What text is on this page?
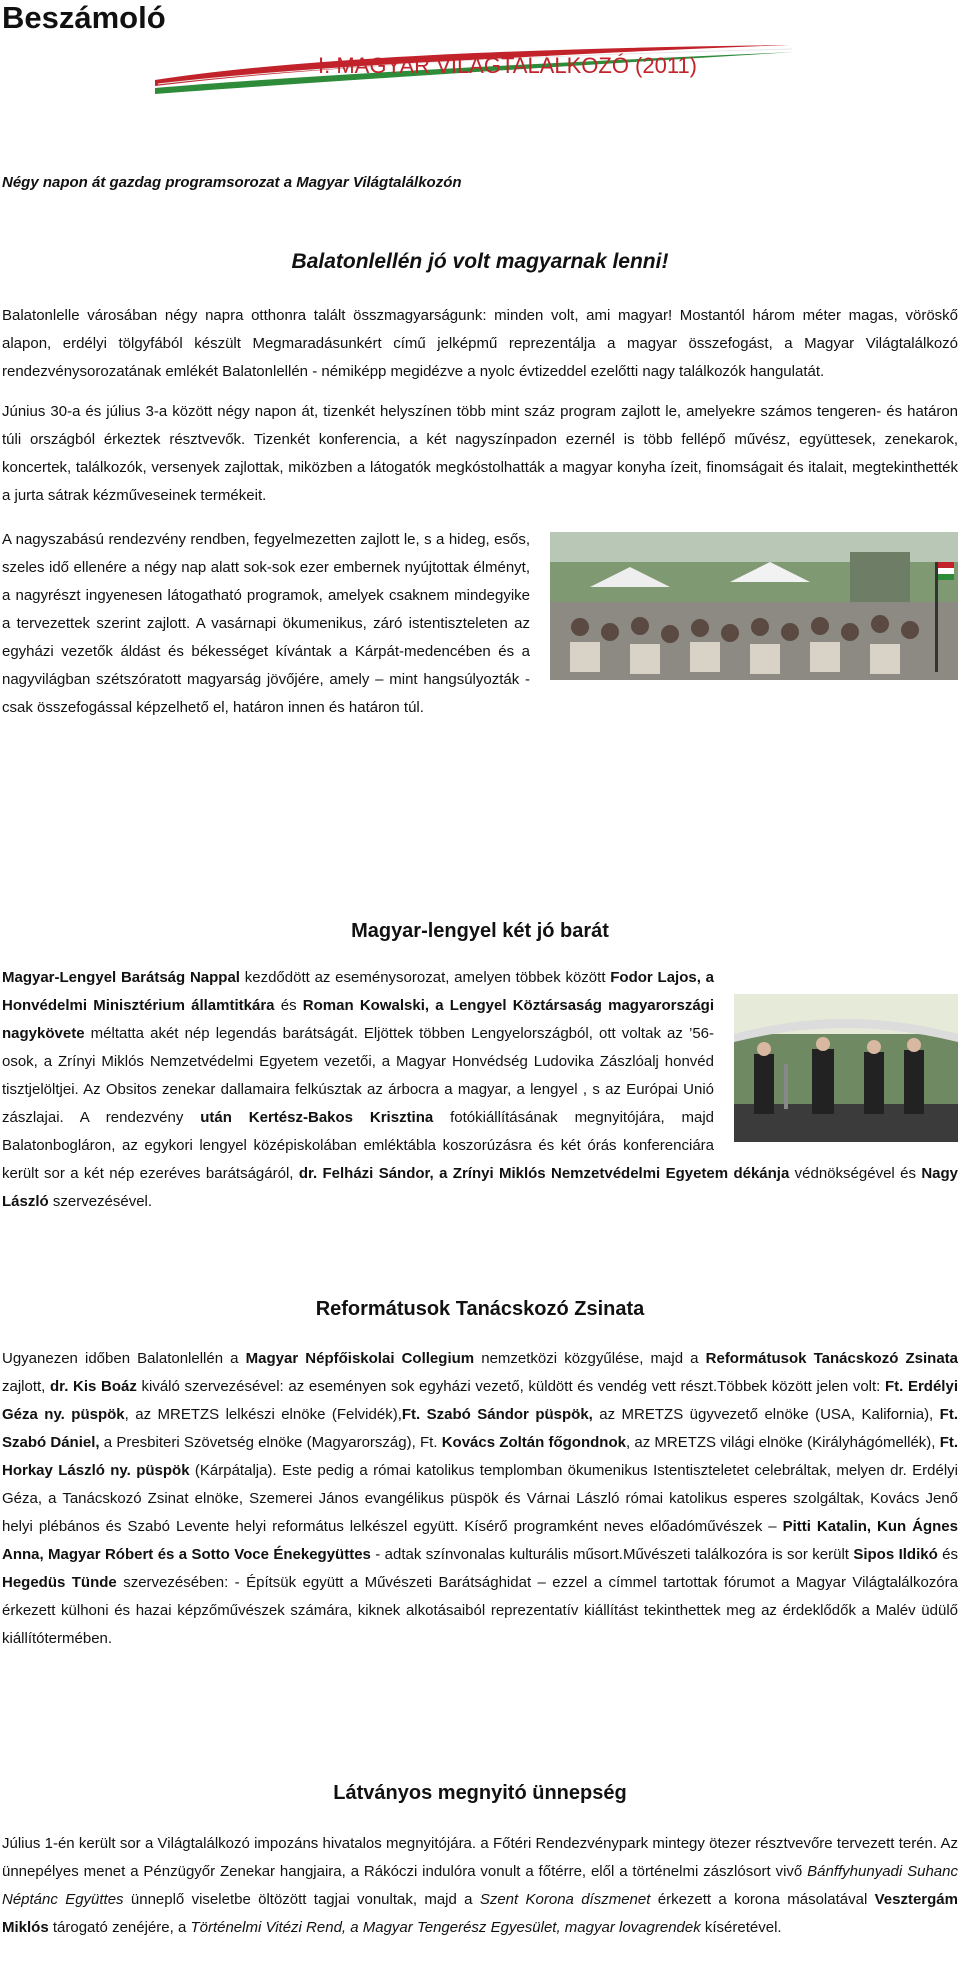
Beszámoló
I. MAGYAR VILÁGTALÁLKOZÓ (2011)

Négy napon át gazdag programsorozat a Magyar Világtalálkozón

Balatonlellén jó volt magyarnak lenni!

Balatonlelle városában négy napra otthonra talált összmagyarságunk: minden volt, ami magyar! Mostantól három méter magas, vöröskő alapon, erdélyi tölgyfából készült Megmaradásunkért című jelképmű reprezentálja a magyar összefogást, a Magyar Világtalálkozó rendezvénysorozatának emlékét Balatonlellén - némiképp megidézve a nyolc évtizeddel ezelőtti nagy találkozók hangulatát.

Június 30-a és július 3-a között négy napon át, tizenkét helyszínen több mint száz program zajlott le, amelyekre számos tengeren- és határon túli országból érkeztek résztvevők. Tizenkét konferencia, a két nagyszínpadon ezernél is több fellépő művész, együttesek, zenekarok, koncertek, találkozók, versenyek zajlottak, miközben a látogatók megkóstolhatták a magyar konyha ízeit, finomságait és italait, megtekinthették a jurta sátrak kézművеseinek termékeit.

A nagyszabású rendezvény rendben, fegyelmezetten zajlott le, s a hideg, esős, szeles idő ellenére a négy nap alatt sok-sok ezer embernek nyújtottak élményt, a nagyrészt ingyenesen látogatható programok, amelyek csaknem mindegyike a tervezettek szerint zajlott. A vasárnapi ökumenikus, záró istentiszteleten az egyházi vezetők áldást és békességet kívántak a Kárpát-medencében és a nagyvilágban szétszóratott magyarság jövőjére, amely – mint hangsúlyozták - csak összefogással képzelhető el, határon innen és határon túl.

Magyar-lengyel két jó barát

Magyar-Lengyel Barátság Nappal kezdődött az eseménysorozat, amelyen többek között Fodor Lajos, a Honvédelmi Minisztérium államtitkára és Roman Kowalski, a Lengyel Köztársaság magyarországi nagykövete méltatta akét nép legendás barátságát. Eljöttek többen Lengyelországból, ott voltak az ’56-osok, a Zrínyi Miklós Nemzetvédelmi Egyetem vezetői, a Magyar Honvédség Ludovika Zászlóalj honvéd tisztjelöltjei. Az Obsitos zenekar dallamaira felkúsztak az árbocra a magyar, a lengyel , s az Európai Unió zászlajai. A rendezvény után Kertész-Bakos Krisztina fotókiállításának megnyitójára, majd Balatonbogláron, az egykori lengyel középiskolában emléktábla koszorúzásra és két órás konferenciára került sor a két nép ezeréves barátságáról, dr. Felházi Sándor, a Zrínyi Miklós Nemzetvédelmi Egyetem dékánja védnökségével és Nagy László szervezésével.

Reformátusok Tanácskozó Zsinata

Ugyanezen időben Balatonlellén a Magyar Népfőiskolai Collegium nemzetközi közgyűlése, majd a Reformátusok Tanácskozó Zsinata zajlott, dr. Kis Boáz kiváló szervezésével: az eseményen sok egyházi vezető, küldött és vendég vett részt.Többek között jelen volt: Ft. Erdélyi Géza ny. püspök, az MRETZS lelkészi elnöke (Felvidék),Ft. Szabó Sándor püspök, az MRETZS ügyvezető elnöke (USA, Kalifornia), Ft. Szabó Dániel, a Presbiteri Szövetség elnöke (Magyarország), Ft. Kovács Zoltán főgondnok, az MRETZS világi elnöke (Királyhágómellék), Ft. Horkay László ny. püspök (Kárpátalja). Este pedig a római katolikus templomban ökumenikus Istentiszteletet celebráltak, melyen dr. Erdélyi Géza, a Tanácskozó Zsinat elnöke, Szemerei János evangélikus püspök és Várnai László római katolikus esperes szolgáltak, Kovács Jenő helyi plébános és Szabó Levente helyi református lelkészel együtt. Kísérő programként neves előadóművészek – Pitti Katalin, Kun Ágnes Anna, Magyar Róbert és a Sotto Voce Énekegyüttes - adtak színvonalas kulturális műsort.Művészeti találkozóra is sor került Sipos Ildikó és Hegedüs Tünde szervezésében: - Építsük együtt a Művészeti Barátsághidat – ezzel a címmel tartottak fórumot a Magyar Világtalálkozóra érkezett külhoni és hazai képzőművészek számára, kiknek alkotásaiból reprezentatív kiállítást tekinthettek meg az érdeklődők a Malév üdülő kiállítótermében.

Látványos megnyitó ünnepség

Július 1-én került sor a Világtalálkozó impozáns hivatalos megnyitójára. a Főtéri Rendezvénypark mintegy ötezer résztvevőre tervezett terén. Az ünnepélyes menet a Pénzügyőr Zenekar hangjaira, a Rákóczi indulóra vonult a főtérre, elől a történelmi zászlósort vivő Bánffyhunyadi Suhanc Néptánc Együttes ünneplő viseletbe öltözött tagjai vonultak, majd a Szent Korona díszmenet érkezett a korona másolatával Vesztergám Miklós tárogató zenéjére, a Történelmi Vitézi Rend, a Magyar Tengerész Egyesület, magyar lovagrendek kíséretével.
